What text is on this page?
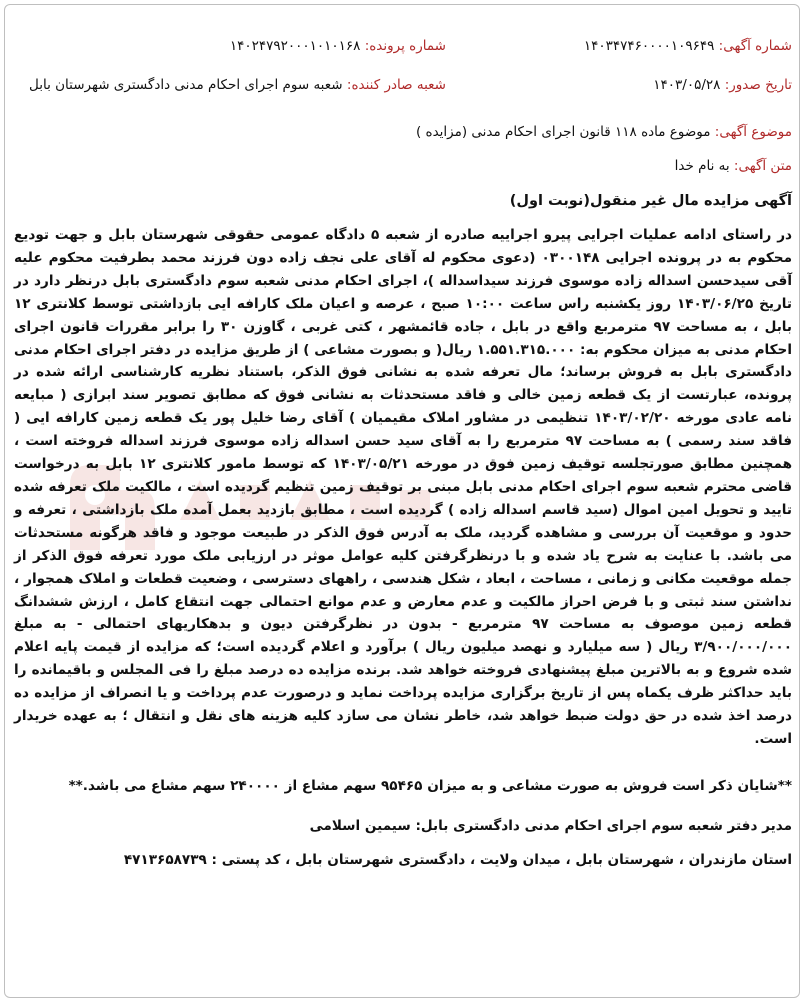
شماره آگهی: ۱۴۰۳۴۷۴۶۰۰۰۰۱۰۹۶۴۹
شماره پرونده: ۱۴۰۲۴۷۹۲۰۰۰۱۰۱۰۱۶۸
تاریخ صدور: ۱۴۰۳/۰۵/۲۸
شعبه صادر کننده: شعبه سوم اجرای احکام مدنی دادگستری شهرستان بابل
موضوع آگهی: موضوع ماده ۱۱۸ قانون اجرای احکام مدنی (مزایده )
متن آگهی: به نام خدا
آگهی مزایده مال غیر منقول(نوبت اول)

در راستای ادامه عملیات اجرایی پیرو اجراییه صادره از شعبه ۵ دادگاه عمومی حقوقی شهرستان بابل و جهت تودیع محکوم به در پرونده اجرایی ۰۳۰۰۱۴۸ (دعوی محکوم له آقای علی نجف زاده دون فرزند محمد بطرفیت محکوم علیه آقی سیدحسن اسداله زاده موسوی فرزند سیداسداله )، اجرای احکام مدنی شعبه سوم دادگستری بابل درنظر دارد در تاریخ ۱۴۰۳/۰۶/۲۵ روز یکشنبه راس ساعت ۱۰:۰۰ صبح ، عرصه و اعیان ملک کارافه ایی بازداشتی توسط کلانتری ۱۲ بابل ، به مساحت ۹۷ مترمربع واقع در بابل ، جاده قائمشهر ، کتی غربی ، گاوزن ۳۰ را برابر مقررات قانون اجرای احکام مدنی به میزان محکوم به: ۱.۵۵۱.۳۱۵.۰۰۰ ریال( و بصورت مشاعی ) از طریق مزایده در دفتر اجرای احکام مدنی دادگستری بابل به فروش برساند؛ مال تعرفه شده به نشانی فوق الذکر، باستناد نظریه کارشناسی ارائه شده در پرونده، عبارتست از یک قطعه زمین خالی و فاقد مستحدثات به نشانی فوق که مطابق تصویر سند ابرازی ( مبایعه نامه عادی مورخه ۱۴۰۳/۰۲/۲۰ تنظیمی در مشاور املاک مقیمیان ) آقای رضا خلیل پور یک قطعه زمین کارافه ایی ( فاقد سند رسمی ) به مساحت ۹۷ مترمربع را به آقای سید حسن اسداله زاده موسوی فرزند اسداله فروخته است ، همچنین مطابق صورتجلسه توقیف زمین فوق در مورخه ۱۴۰۳/۰۵/۲۱ که توسط مامور کلانتری ۱۲ بابل به درخواست قاضی محترم شعبه سوم اجرای احکام مدنی بابل مبنی بر توقیف زمین تنظیم گردیده است ، مالکیت ملک تعرفه شده تایید و تحویل امین اموال (سید قاسم اسداله زاده ) گردیده است ، مطابق بازدید بعمل آمده ملک بازداشتی ، تعرفه و حدود و موقعیت آن بررسی و مشاهده گردید، ملک به آدرس فوق الذکر در طبیعت موجود و فاقد هرگونه مستحدثات می باشد. با عنایت به شرح یاد شده و با درنظرگرفتن کلیه عوامل موثر در ارزیابی ملک مورد تعرفه فوق الذکر از جمله موقعیت مکانی و زمانی ، مساحت ، ابعاد ، شکل هندسی ، راههای دسترسی ، وضعیت قطعات و املاک همجوار ، نداشتن سند ثبتی و با فرض احراز مالکیت و عدم معارض و عدم موانع احتمالی جهت انتقاع کامل ، ارزش ششدانگ قطعه زمین موصوف به مساحت ۹۷ مترمربع - بدون در نظرگرفتن دیون و بدهکاریهای احتمالی - به مبلغ ۳/۹۰۰/۰۰۰/۰۰۰ ریال ( سه میلیارد و نهصد میلیون ریال ) برآورد و اعلام گردیده است؛ که مزایده از قیمت پایه اعلام شده شروع و به بالاترین مبلغ پیشنهادی فروخته خواهد شد. برنده مزایده ده درصد مبلغ را فی المجلس و باقیمانده را باید حداکثر ظرف یکماه پس از تاریخ برگزاری مزایده پرداخت نماید و درصورت عدم پرداخت و یا انصراف از مزایده ده درصد اخذ شده در حق دولت ضبط خواهد شد، خاطر نشان می سازد کلیه هزینه های نقل و انتقال ؛ به عهده خریدار است.

**شایان ذکر است فروش به صورت مشاعی و به میزان ۹۵۴۶۵ سهم مشاع از ۲۴۰۰۰۰ سهم مشاع می باشد.**

مدیر دفتر شعبه سوم اجرای احکام مدنی دادگستری بابل: سیمین اسلامی
استان مازندران ، شهرستان بابل ، میدان ولایت ، دادگستری شهرستان بابل ، کد پستی : ۴۷۱۳۶۵۸۷۳۹
